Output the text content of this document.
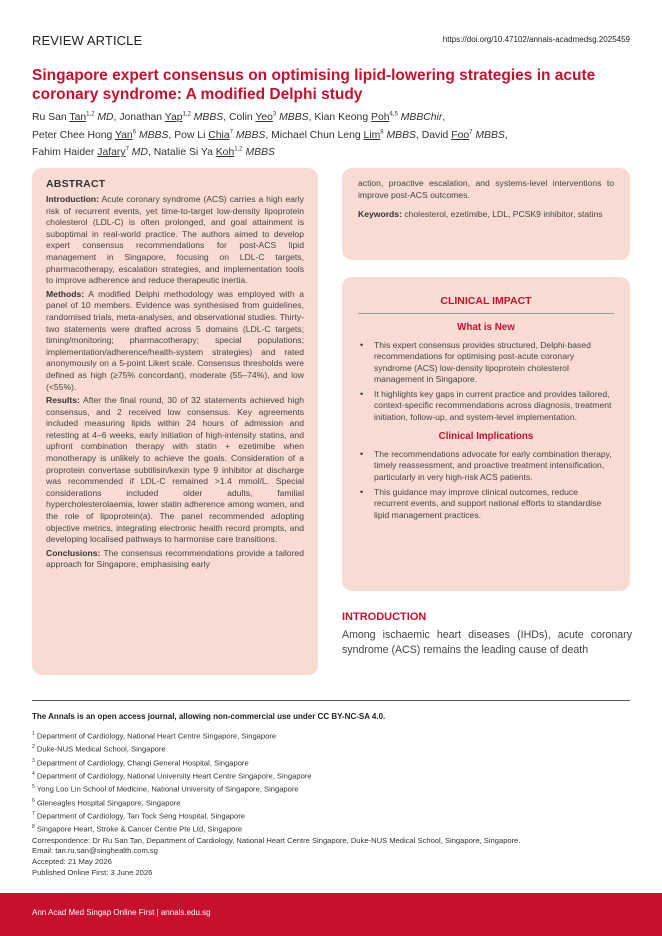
REVIEW ARTICLE	https://doi.org/10.47102/annals-acadmedsg.2025459
Singapore expert consensus on optimising lipid-lowering strategies in acute coronary syndrome: A modified Delphi study
Ru San Tan$^{1,2}$ MD, Jonathan Yap$^{1,2}$ MBBS, Colin Yeo$^3$ MBBS, Kian Keong Poh$^{4,5}$ MBBChir,
Peter Chee Hong Yan$^6$ MBBS, Pow Li Chia$^7$ MBBS, Michael Chun Leng Lim$^8$ MBBS, David Foo$^7$ MBBS,
Fahim Haider Jafary$^7$ MD, Natalie Si Ya Koh$^{1,2}$ MBBS
ABSTRACT

Introduction: Acute coronary syndrome (ACS) carries a high early risk of recurrent events, yet time-to-target low-density lipoprotein cholesterol (LDL-C) is often prolonged, and goal attainment is suboptimal in real-world practice. The authors aimed to develop expert consensus recommendations for post-ACS lipid management in Singapore, focusing on LDL-C targets, pharmacotherapy, escalation strategies, and implementation tools to improve adherence and reduce therapeutic inertia.

Methods: A modified Delphi methodology was employed with a panel of 10 members. Evidence was synthesised from guidelines, randomised trials, meta-analyses, and observational studies. Thirty-two statements were drafted across 5 domains (LDL-C targets; timing/monitoring; pharmacotherapy; special populations; implementation/adherence/health-system strategies) and rated anonymously on a 5-point Likert scale. Consensus thresholds were defined as high (≥75% concordant), moderate (55–74%), and low (<55%).

Results: After the final round, 30 of 32 statements achieved high consensus, and 2 received low consensus. Key agreements included measuring lipids within 24 hours of admission and retesting at 4–6 weeks, early initiation of high-intensity statins, and upfront combination therapy with statin + ezetimibe when monotherapy is unlikely to achieve the goals. Consideration of a proprotein convertase subtilisin/kexin type 9 inhibitor at discharge was recommended if LDL-C remained >1.4 mmol/L. Special considerations included older adults, familial hypercholesterolaemia, lower statin adherence among women, and the role of lipoprotein(a). The panel recommended adopting objective metrics, integrating electronic health record prompts, and developing localised pathways to harmonise care transitions.

Conclusions: The consensus recommendations provide a tailored approach for Singapore, emphasising early

action, proactive escalation, and systems-level interventions to improve post-ACS outcomes.

Keywords: cholesterol, ezetimibe, LDL, PCSK9 inhibitor, statins

CLINICAL IMPACT
What is New
• This expert consensus provides structured, Delphi-based recommendations for optimising post-acute coronary syndrome (ACS) low-density lipoprotein cholesterol management in Singapore.
• It highlights key gaps in current practice and provides tailored, context-specific recommendations across diagnosis, treatment initiation, follow-up, and system-level implementation.
Clinical Implications
• The recommendations advocate for early combination therapy, timely reassessment, and proactive treatment intensification, particularly in very high-risk ACS patients.
• This guidance may improve clinical outcomes, reduce recurrent events, and support national efforts to standardise lipid management practices.
INTRODUCTION

Among ischaemic heart diseases (IHDs), acute coronary syndrome (ACS) remains the leading cause of death

The Annals is an open access journal, allowing non-commercial use under CC BY-NC-SA 4.0.
$^1$ Department of Cardiology, National Heart Centre Singapore, Singapore
$^2$ Duke-NUS Medical School, Singapore
$^3$ Department of Cardiology, Changi General Hospital, Singapore
$^4$ Department of Cardiology, National University Heart Centre Singapore, Singapore
$^5$ Yong Loo Lin School of Medicine, National University of Singapore, Singapore
$^6$ Gleneagles Hospital Singapore, Singapore
$^7$ Department of Cardiology, Tan Tock Seng Hospital, Singapore
$^8$ Singapore Heart, Stroke & Cancer Centre Pte Ltd, Singapore
Correspondence: Dr Ru San Tan, Department of Cardiology, National Heart Centre Singapore, Duke-NUS Medical School, Singapore, Singapore.
Email: tan.ru.san@singhealth.com.sg
Accepted: 21 May 2026
Published Online First: 3 June 2026
Ann Acad Med Singap Online First | annals.edu.sg
